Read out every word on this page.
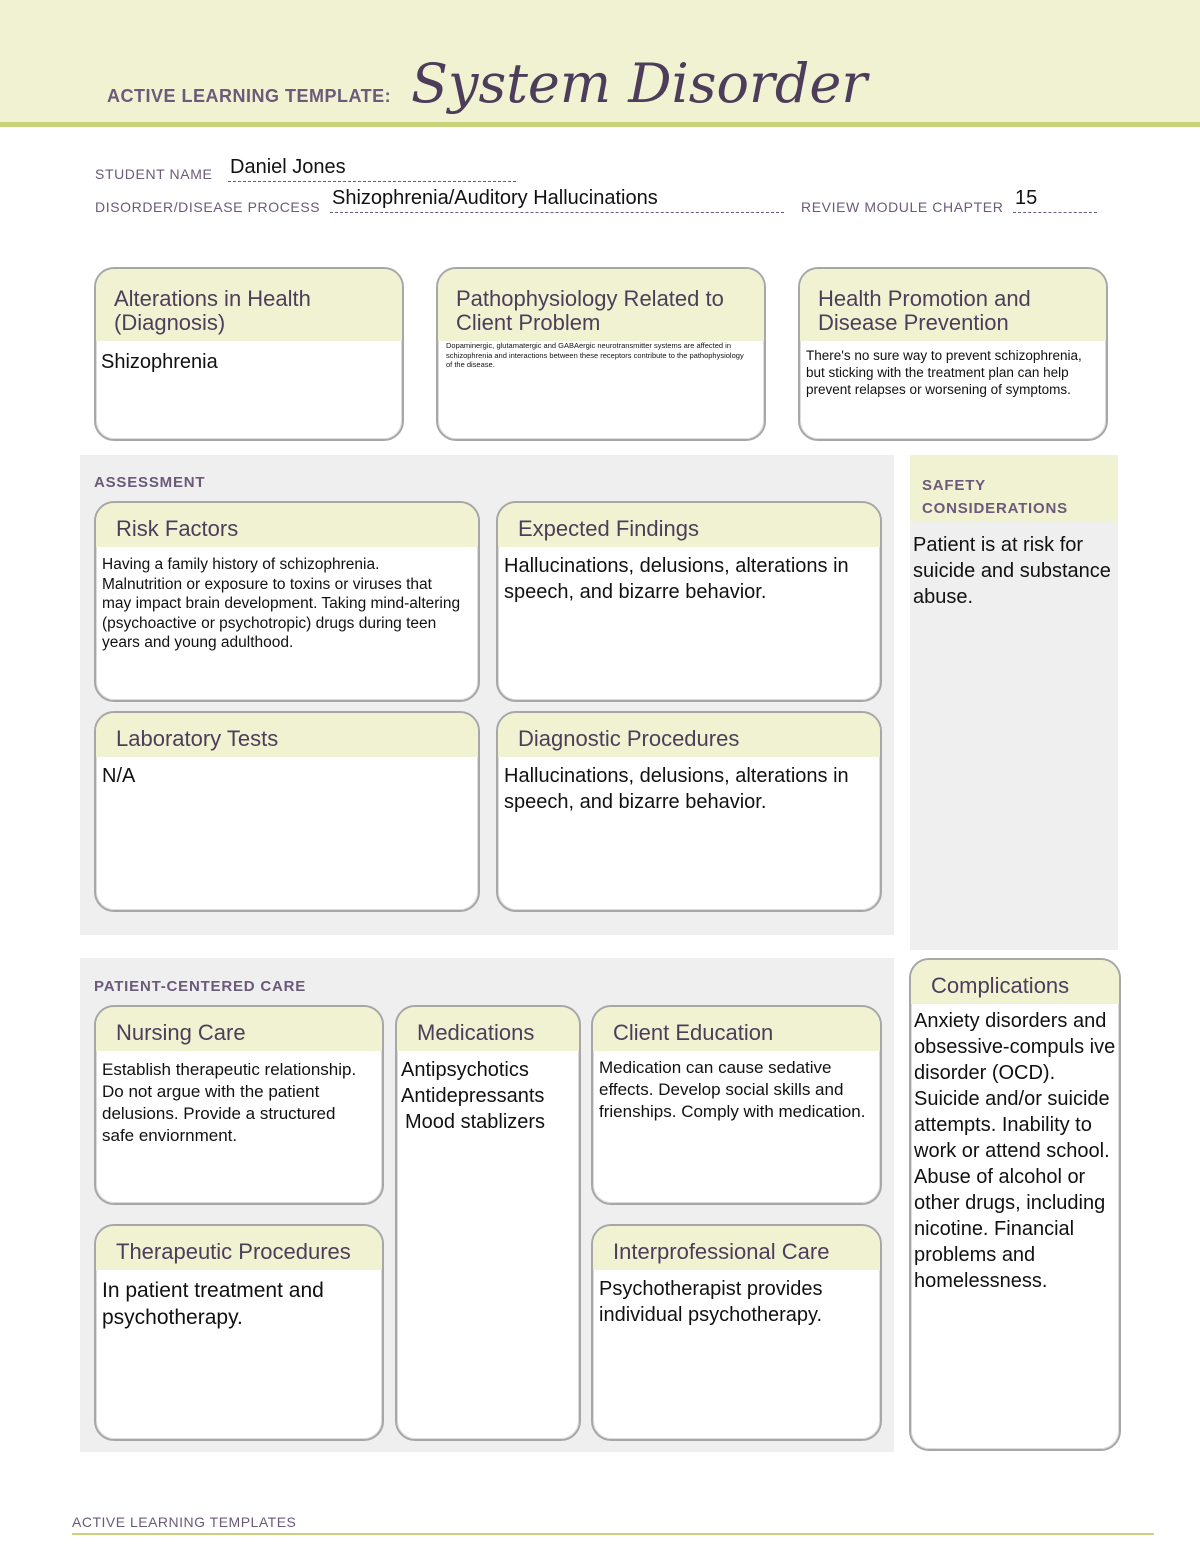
ACTIVE LEARNING TEMPLATE: System Disorder
STUDENT NAME Daniel Jones
DISORDER/DISEASE PROCESS Shizophrenia/Auditory Hallucinations	REVIEW MODULE CHAPTER 15
Alterations in Health (Diagnosis)
Shizophrenia
Pathophysiology Related to Client Problem
Dopaminergic, glutamatergic and GABAergic neurotransmitter systems are affected in schizophrenia and interactions between these receptors contribute to the pathophysiology of the disease.
Health Promotion and Disease Prevention
There's no sure way to prevent schizophrenia, but sticking with the treatment plan can help prevent relapses or worsening of symptoms.
ASSESSMENT
Risk Factors
Having a family history of schizophrenia. Malnutrition or exposure to toxins or viruses that may impact brain development. Taking mind-altering (psychoactive or psychotropic) drugs during teen years and young adulthood.
Expected Findings
Hallucinations, delusions, alterations in speech, and bizarre behavior.
Laboratory Tests
N/A
Diagnostic Procedures
Hallucinations, delusions, alterations in speech, and bizarre behavior.
SAFETY CONSIDERATIONS
Patient is at risk for suicide and substance abuse.
PATIENT-CENTERED CARE
Nursing Care
Establish therapeutic relationship. Do not argue with the patient delusions. Provide a structured safe enviornment.
Medications
Antipsychotics
Antidepressants
Mood stablizers
Client Education
Medication can cause sedative effects. Develop social skills and frienships. Comply with medication.
Therapeutic Procedures
In patient treatment and psychotherapy.
Interprofessional Care
Psychotherapist provides individual psychotherapy.
Complications
Anxiety disorders and obsessive-compuls ive disorder (OCD). Suicide and/or suicide attempts. Inability to work or attend school. Abuse of alcohol or other drugs, including nicotine. Financial problems and homelessness.
ACTIVE LEARNING TEMPLATES
